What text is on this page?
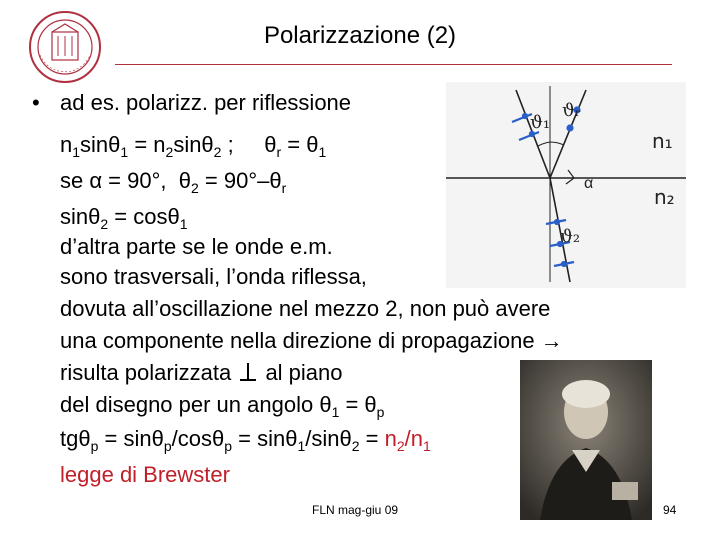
Polarizzazione (2)
• ad es. polarizz. per riflessione
$n_1\sin\theta_1 = n_2\sin\theta_2$ ;     $\theta_r = \theta_1$
se α = 90°,  $\theta_2 = 90^\circ-\theta_r$
sinθ$_2$ = cosθ$_1$
d’altra parte se le onde e.m.
sono trasversali, l’onda riflessa,
dovuta all’oscillazione nel mezzo 2, non può avere
una componente nella direzione di propagazione →
risulta polarizzata al piano
del disegno per un angolo $\theta_1 = \theta_p$
$tg\theta_p = \sin\theta_p/\cos\theta_p = \sin\theta_1/\sin\theta_2 = n_2/n_1$
legge di Brewster
ϑ₁
ϑᵣ
ϑ₂
n₁
n₂
α
FLN mag-giu 09	94
